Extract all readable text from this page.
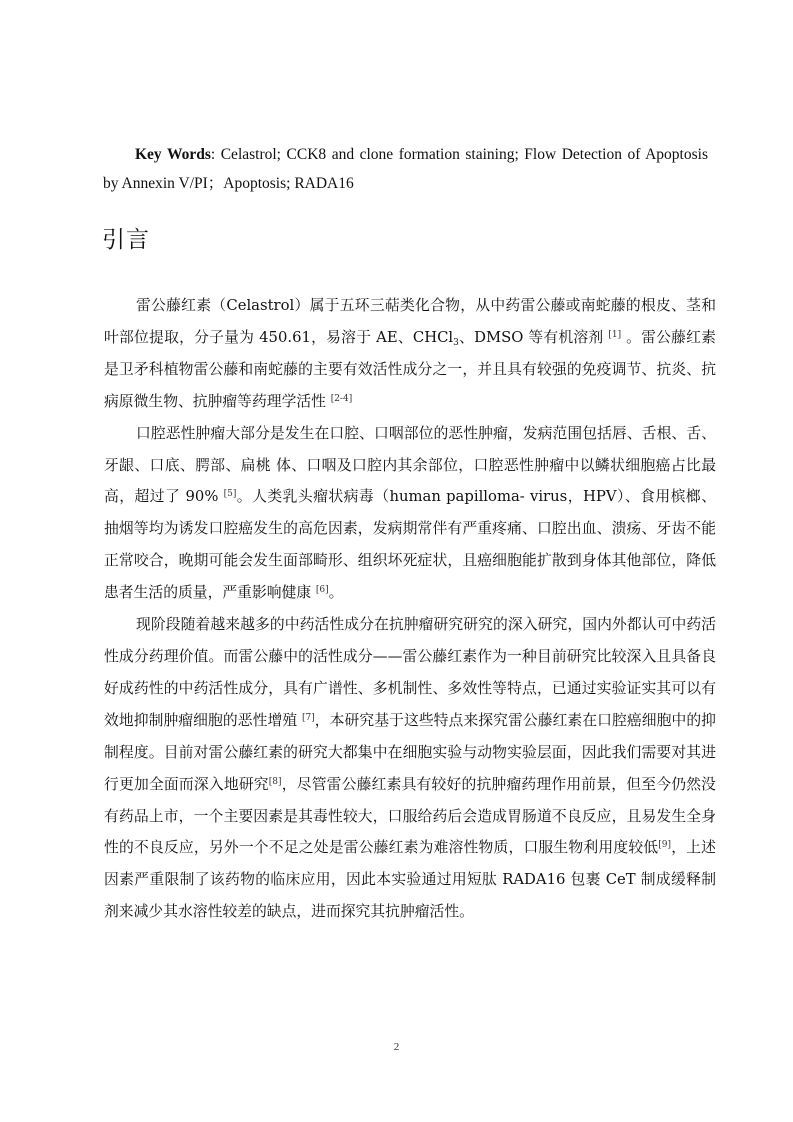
Key Words: Celastrol; CCK8 and clone formation staining; Flow Detection of Apoptosis by Annexin V/PI；Apoptosis; RADA16
引言

雷公藤红素（Celastrol）属于五环三萜类化合物，从中药雷公藤或南蛇藤的根皮、茎和叶部位提取，分子量为 450.61，易溶于 AE、CHCl$_3$、DMSO 等有机溶剂 [1] 。雷公藤红素是卫矛科植物雷公藤和南蛇藤的主要有效活性成分之一，并且具有较强的免疫调节、抗炎、抗病原微生物、抗肿瘤等药理学活性 [2-4]

口腔恶性肿瘤大部分是发生在口腔、口咽部位的恶性肿瘤，发病范围包括唇、舌根、舌、牙龈、口底、腭部、扁桃 体、口咽及口腔内其余部位，口腔恶性肿瘤中以鳞状细胞癌占比最高，超过了 90% [5]。人类乳头瘤状病毒（human papilloma- virus，HPV）、食用槟榔、抽烟等均为诱发口腔癌发生的高危因素，发病期常伴有严重疼痛、口腔出血、溃疡、牙齿不能正常咬合，晚期可能会发生面部畸形、组织坏死症状，且癌细胞能扩散到身体其他部位，降低患者生活的质量，严重影响健康 [6]。

现阶段随着越来越多的中药活性成分在抗肿瘤研究研究的深入研究，国内外都认可中药活性成分药理价值。而雷公藤中的活性成分——雷公藤红素作为一种目前研究比较深入且具备良好成药性的中药活性成分，具有广谱性、多机制性、多效性等特点，已通过实验证实其可以有效地抑制肿瘤细胞的恶性增殖 [7]，本研究基于这些特点来探究雷公藤红素在口腔癌细胞中的抑制程度。目前对雷公藤红素的研究大都集中在细胞实验与动物实验层面，因此我们需要对其进行更加全面而深入地研究[8]，尽管雷公藤红素具有较好的抗肿瘤药理作用前景，但至今仍然没有药品上市，一个主要因素是其毒性较大，口服给药后会造成胃肠道不良反应，且易发生全身性的不良反应，另外一个不足之处是雷公藤红素为难溶性物质，口服生物利用度较低[9]，上述因素严重限制了该药物的临床应用，因此本实验通过用短肽 RADA16 包裹 CeT 制成缓释制剂来减少其水溶性较差的缺点，进而探究其抗肿瘤活性。

2
